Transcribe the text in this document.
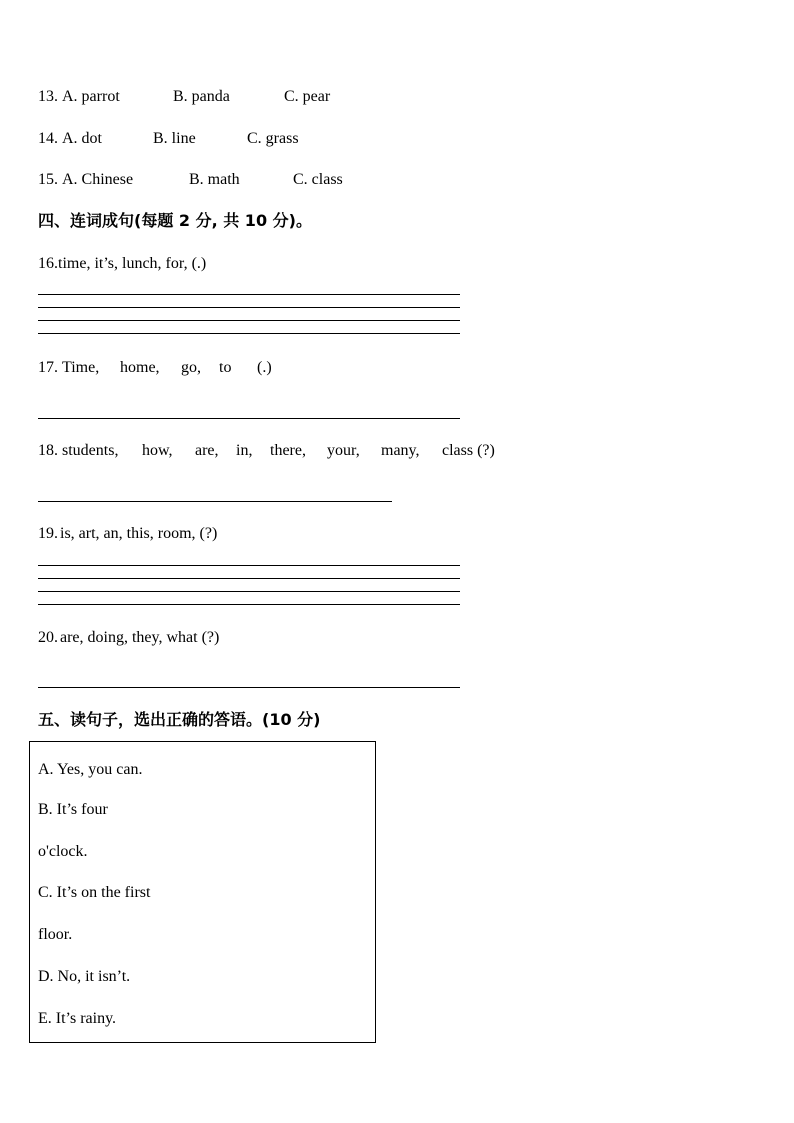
13. A. parrot	B. panda	C. pear
14. A. dot	B. line	C. grass
15. A. Chinese	B. math	C. class
四、连词成句(每题 2 分, 共 10 分)。
16. time, it’s, lunch, for, (.)
17. Time, home, go, to (.)
18. students, how, are, in, there, your, many, class (?)
19. is, art, an, this, room, (?)
20. are, doing, they, what (?)
五、读句子，选出正确的答语。(10 分)
A. Yes, you can.
B. It’s four
o'clock.
C. It’s on the first
floor.
D. No, it isn’t.
E. It’s rainy.
